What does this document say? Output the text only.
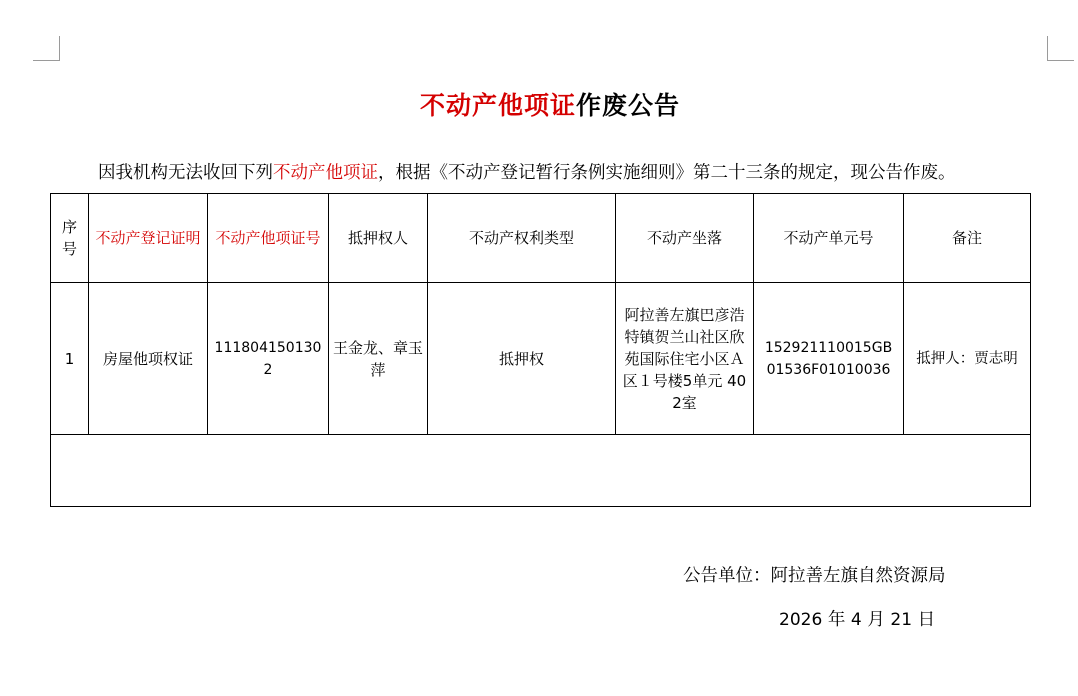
不动产他项证作废公告
因我机构无法收回下列不动产他项证，根据《不动产登记暂行条例实施细则》第二十三条的规定，现公告作废。
序号	不动产登记证明	不动产他项证号	抵押权人	不动产权利类型	不动产坐落	不动产单元号	备注
1	房屋他项权证	1118041501302	王金龙、章玉萍	抵押权	阿拉善左旗巴彦浩特镇贺兰山社区欣苑国际住宅小区Ａ区１号楼5单元 402室	152921110015GB01536F01010036	抵押人：贾志明

公告单位：阿拉善左旗自然资源局
2026 年 4 月 21 日
